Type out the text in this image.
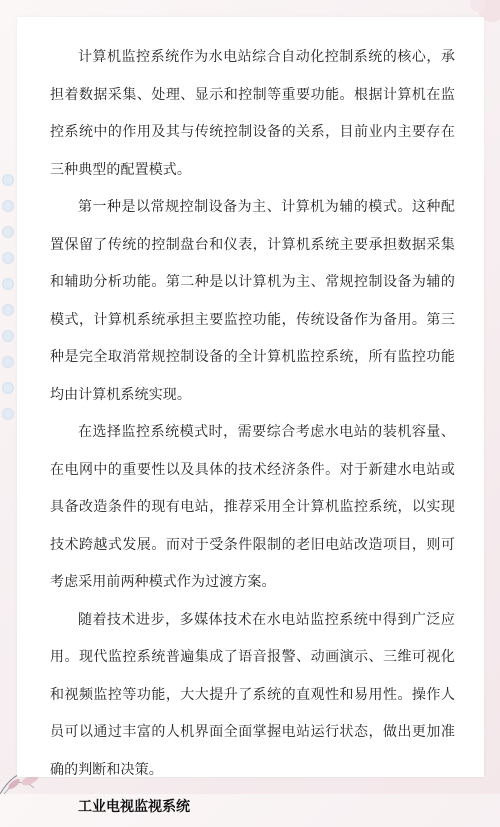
计算机监控系统作为水电站综合自动化控制系统的核心，承担着数据采集、处理、显示和控制等重要功能。根据计算机在监控系统中的作用及其与传统控制设备的关系，目前业内主要存在三种典型的配置模式。

第一种是以常规控制设备为主、计算机为辅的模式。这种配置保留了传统的控制盘台和仪表，计算机系统主要承担数据采集和辅助分析功能。第二种是以计算机为主、常规控制设备为辅的模式，计算机系统承担主要监控功能，传统设备作为备用。第三种是完全取消常规控制设备的全计算机监控系统，所有监控功能均由计算机系统实现。

在选择监控系统模式时，需要综合考虑水电站的装机容量、在电网中的重要性以及具体的技术经济条件。对于新建水电站或具备改造条件的现有电站，推荐采用全计算机监控系统，以实现技术跨越式发展。而对于受条件限制的老旧电站改造项目，则可考虑采用前两种模式作为过渡方案。

随着技术进步，多媒体技术在水电站监控系统中得到广泛应用。现代监控系统普遍集成了语音报警、动画演示、三维可视化和视频监控等功能，大大提升了系统的直观性和易用性。操作人员可以通过丰富的人机界面全面掌握电站运行状态，做出更加准确的判断和决策。

工业电视监视系统
